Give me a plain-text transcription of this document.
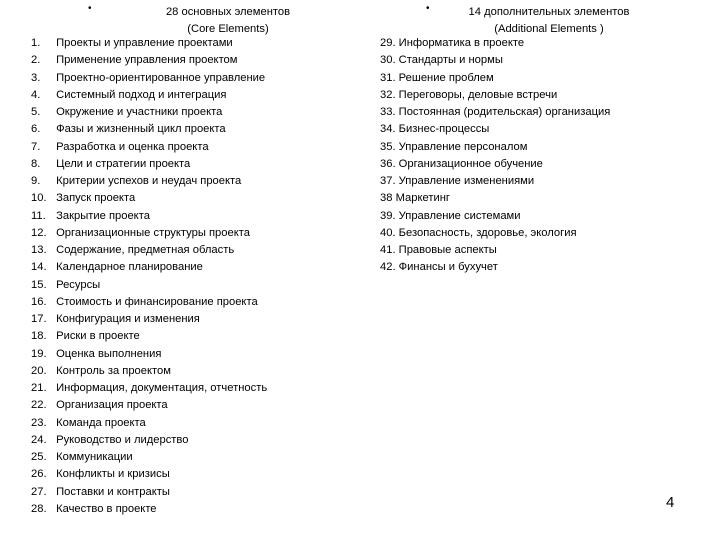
•	28 основных элементов
(Core Elements)
1. Проекты и управление проектами
2. Применение управления проектом
3. Проектно-ориентированное управление
4. Системный подход и интеграция
5. Окружение и участники проекта
6. Фазы и жизненный цикл проекта
7. Разработка и оценка проекта
8. Цели и стратегии проекта
9. Критерии успехов и неудач проекта
10. Запуск проекта
11. Закрытие проекта
12. Организационные структуры проекта
13. Содержание, предметная область
14. Календарное планирование
15. Ресурсы
16. Стоимость и финансирование проекта
17. Конфигурация и изменения
18. Риски в проекте
19. Оценка выполнения
20. Контроль за проектом
21. Информация, документация, отчетность
22. Организация проекта
23. Команда проекта
24. Руководство и лидерство
25. Коммуникации
26. Конфликты и кризисы
27. Поставки и контракты
28. Качество в проекте
•	14 дополнительных элементов
(Additional Elements )
29. Информатика в проекте
30. Стандарты и нормы
31. Решение проблем
32. Переговоры, деловые встречи
33. Постоянная (родительская) организация
34. Бизнес-процессы
35. Управление персоналом
36. Организационное обучение
37. Управление изменениями
38 Маркетинг
39. Управление системами
40. Безопасность, здоровье, экология
41. Правовые аспекты
42. Финансы и бухучет
4
